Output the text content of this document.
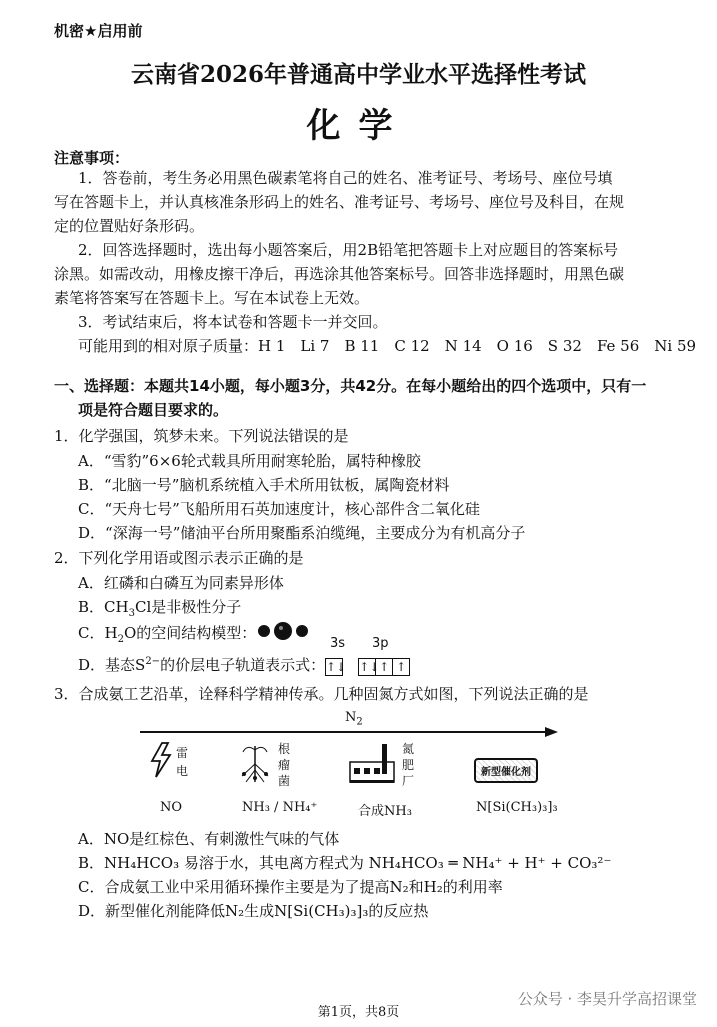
机密★启用前
云南省2026年普通高中学业水平选择性考试
化学
注意事项：
1．答卷前，考生务必用黑色碳素笔将自己的姓名、准考证号、考场号、座位号填
写在答题卡上，并认真核准条形码上的姓名、准考证号、考场号、座位号及科目，在规
定的位置贴好条形码。
2．回答选择题时，选出每小题答案后，用2B铅笔把答题卡上对应题目的答案标号
涂黑。如需改动，用橡皮擦干净后，再选涂其他答案标号。回答非选择题时，用黑色碳
素笔将答案写在答题卡上。写在本试卷上无效。
3．考试结束后，将本试卷和答题卡一并交回。
可能用到的相对原子质量：H 1　Li 7　B 11　C 12　N 14　O 16　S 32　Fe 56　Ni 59
一、选择题：本题共14小题，每小题3分，共42分。在每小题给出的四个选项中，只有一
项是符合题目要求的。
1．化学强国，筑梦未来。下列说法错误的是
A．“雪豹”6×6轮式载具所用耐寒轮胎，属特种橡胶
B．“北脑一号”脑机系统植入手术所用钛板，属陶瓷材料
C．“天舟七号”飞船所用石英加速度计，核心部件含二氧化硅
D．“深海一号”储油平台所用聚酯系泊缆绳，主要成分为有机高分子
2．下列化学用语或图示表示正确的是
A．红磷和白磷互为同素异形体
B．$CH_3Cl$是非极性分子
C．$H_2O$的空间结构模型：
3s 3p
D．基态$S^{2-}$的价层电子轨道表示式： ↑↓ ↑↓↑ ↑
3．合成氨工艺沿革，诠释科学精神传承。几种固氮方式如图，下列说法正确的是
$N_2$
雷
电
根
瘤
菌
氮
肥
厂
新型催化剂
NO	NH₃ / NH₄⁺	合成NH₃	N[Si(CH₃)₃]₃
A．NO是红棕色、有刺激性气味的气体
B．NH₄HCO₃ 易溶于水，其电离方程式为 NH₄HCO₃ ═ NH₄⁺ + H⁺ + CO₃²⁻
C．合成氨工业中采用循环操作主要是为了提高N₂和H₂的利用率
D．新型催化剂能降低N₂生成N[Si(CH₃)₃]₃的反应热
第1页，共8页
公众号 · 李昊升学高招课堂
